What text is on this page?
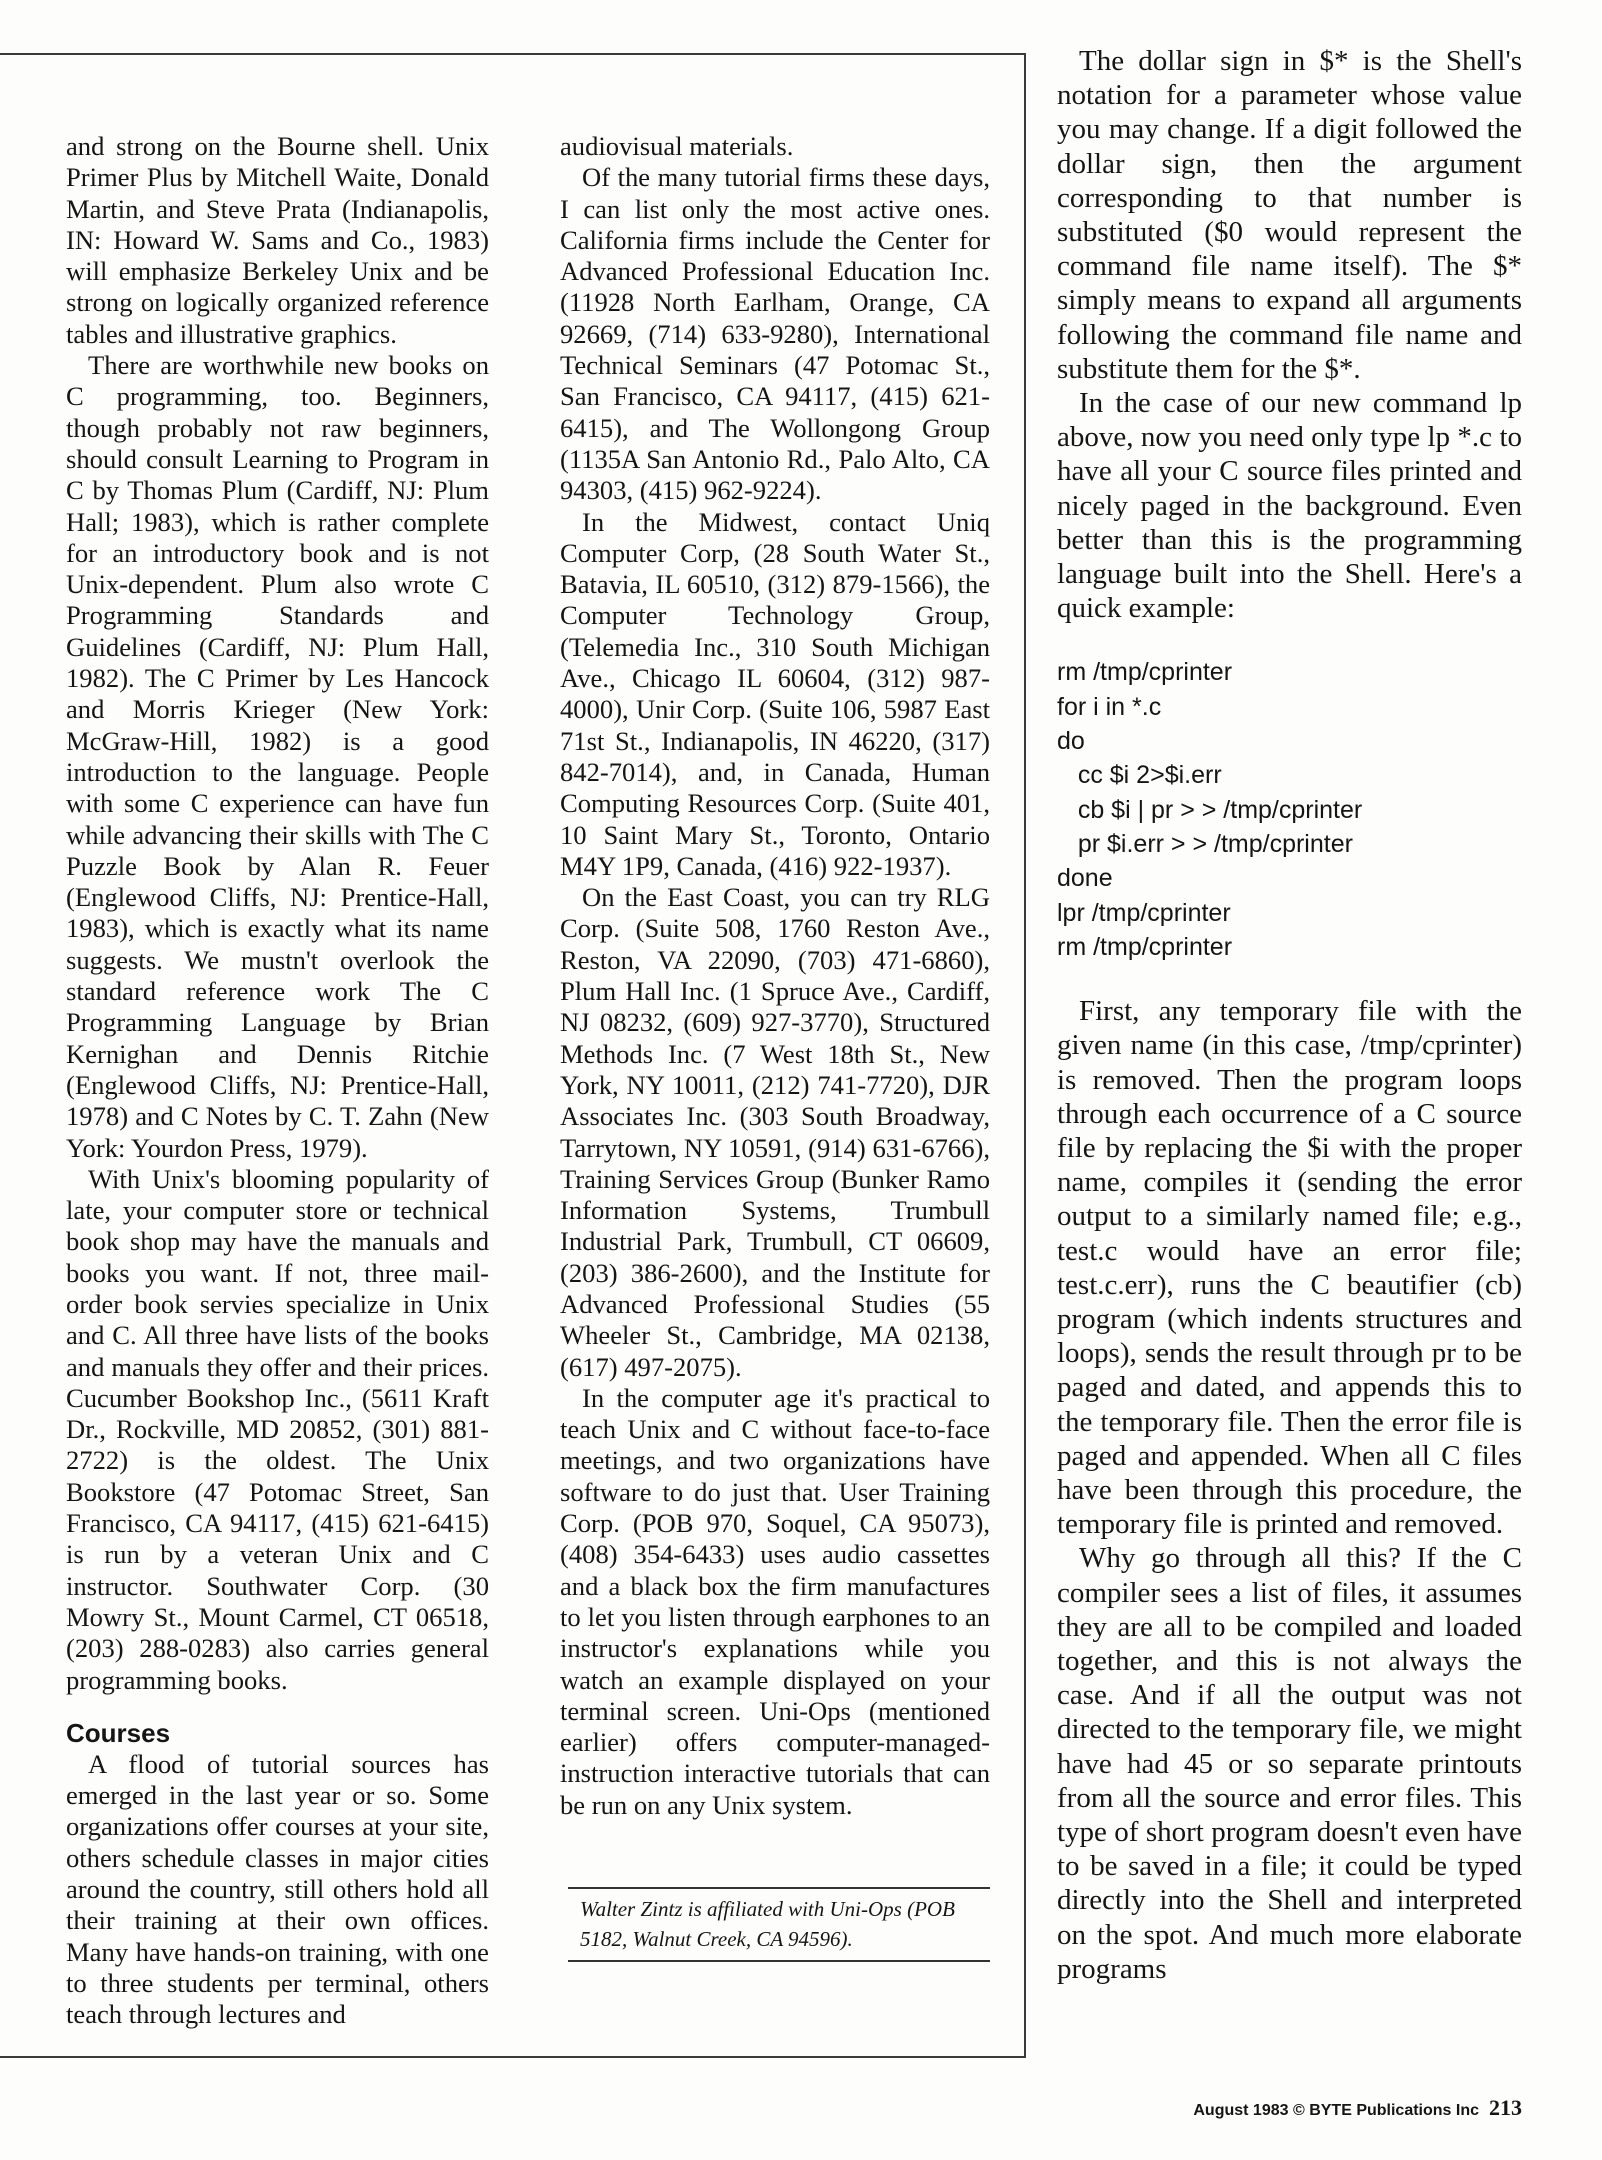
and strong on the Bourne shell. Unix Primer Plus by Mitchell Waite, Donald Martin, and Steve Prata (Indianapolis, IN: Howard W. Sams and Co., 1983) will emphasize Berkeley Unix and be strong on logically organized reference tables and illustrative graphics.

There are worthwhile new books on C programming, too. Beginners, though probably not raw beginners, should consult Learning to Program in C by Thomas Plum (Cardiff, NJ: Plum Hall; 1983), which is rather complete for an introductory book and is not Unix-dependent. Plum also wrote C Programming Standards and Guidelines (Cardiff, NJ: Plum Hall, 1982). The C Primer by Les Hancock and Morris Krieger (New York: McGraw-Hill, 1982) is a good introduction to the language. People with some C experience can have fun while advancing their skills with The C Puzzle Book by Alan R. Feuer (Englewood Cliffs, NJ: Prentice-Hall, 1983), which is exactly what its name suggests. We mustn't overlook the standard reference work The C Programming Language by Brian Kernighan and Dennis Ritchie (Englewood Cliffs, NJ: Prentice-Hall, 1978) and C Notes by C. T. Zahn (New York: Yourdon Press, 1979).

With Unix's blooming popularity of late, your computer store or technical book shop may have the manuals and books you want. If not, three mail-order book servies specialize in Unix and C. All three have lists of the books and manuals they offer and their prices. Cucumber Bookshop Inc., (5611 Kraft Dr., Rockville, MD 20852, (301) 881-2722) is the oldest. The Unix Bookstore (47 Potomac Street, San Francisco, CA 94117, (415) 621-6415) is run by a veteran Unix and C instructor. Southwater Corp. (30 Mowry St., Mount Carmel, CT 06518, (203) 288-0283) also carries general programming books.

Courses

A flood of tutorial sources has emerged in the last year or so. Some organizations offer courses at your site, others schedule classes in major cities around the country, still others hold all their training at their own offices. Many have hands-on training, with one to three students per terminal, others teach through lectures and

audiovisual materials.

Of the many tutorial firms these days, I can list only the most active ones. California firms include the Center for Advanced Professional Education Inc. (11928 North Earlham, Orange, CA 92669, (714) 633-9280), International Technical Seminars (47 Potomac St., San Francisco, CA 94117, (415) 621-6415), and The Wollongong Group (1135A San Antonio Rd., Palo Alto, CA 94303, (415) 962-9224).

In the Midwest, contact Uniq Computer Corp, (28 South Water St., Batavia, IL 60510, (312) 879-1566), the Computer Technology Group, (Telemedia Inc., 310 South Michigan Ave., Chicago IL 60604, (312) 987-4000), Unir Corp. (Suite 106, 5987 East 71st St., Indianapolis, IN 46220, (317) 842-7014), and, in Canada, Human Computing Resources Corp. (Suite 401, 10 Saint Mary St., Toronto, Ontario M4Y 1P9, Canada, (416) 922-1937).

On the East Coast, you can try RLG Corp. (Suite 508, 1760 Reston Ave., Reston, VA 22090, (703) 471-6860), Plum Hall Inc. (1 Spruce Ave., Cardiff, NJ 08232, (609) 927-3770), Structured Methods Inc. (7 West 18th St., New York, NY 10011, (212) 741-7720), DJR Associates Inc. (303 South Broadway, Tarrytown, NY 10591, (914) 631-6766), Training Services Group (Bunker Ramo Information Systems, Trumbull Industrial Park, Trumbull, CT 06609, (203) 386-2600), and the Institute for Advanced Professional Studies (55 Wheeler St., Cambridge, MA 02138, (617) 497-2075).

In the computer age it's practical to teach Unix and C without face-to-face meetings, and two organizations have software to do just that. User Training Corp. (POB 970, Soquel, CA 95073), (408) 354-6433) uses audio cassettes and a black box the firm manufactures to let you listen through earphones to an instructor's explanations while you watch an example displayed on your terminal screen. Uni-Ops (mentioned earlier) offers computer-managed-instruction interactive tutorials that can be run on any Unix system.

Walter Zintz is affiliated with Uni-Ops (POB 5182, Walnut Creek, CA 94596).

The dollar sign in $* is the Shell's notation for a parameter whose value you may change. If a digit followed the dollar sign, then the argument corresponding to that number is substituted ($0 would represent the command file name itself). The $* simply means to expand all arguments following the command file name and substitute them for the $*.

In the case of our new command lp above, now you need only type lp *.c to have all your C source files printed and nicely paged in the background. Even better than this is the programming language built into the Shell. Here's a quick example:

rm /tmp/cprinter
for i in *.c
do
cc $i 2>$i.err
cb $i | pr > > /tmp/cprinter
pr $i.err > > /tmp/cprinter
done
lpr /tmp/cprinter
rm /tmp/cprinter

First, any temporary file with the given name (in this case, /tmp/cprinter) is removed. Then the program loops through each occurrence of a C source file by replacing the $i with the proper name, compiles it (sending the error output to a similarly named file; e.g., test.c would have an error file; test.c.err), runs the C beautifier (cb) program (which indents structures and loops), sends the result through pr to be paged and dated, and appends this to the temporary file. Then the error file is paged and appended. When all C files have been through this procedure, the temporary file is printed and removed.

Why go through all this? If the C compiler sees a list of files, it assumes they are all to be compiled and loaded together, and this is not always the case. And if all the output was not directed to the temporary file, we might have had 45 or so separate printouts from all the source and error files. This type of short program doesn't even have to be saved in a file; it could be typed directly into the Shell and interpreted on the spot. And much more elaborate programs

August 1983 © BYTE Publications Inc 213
